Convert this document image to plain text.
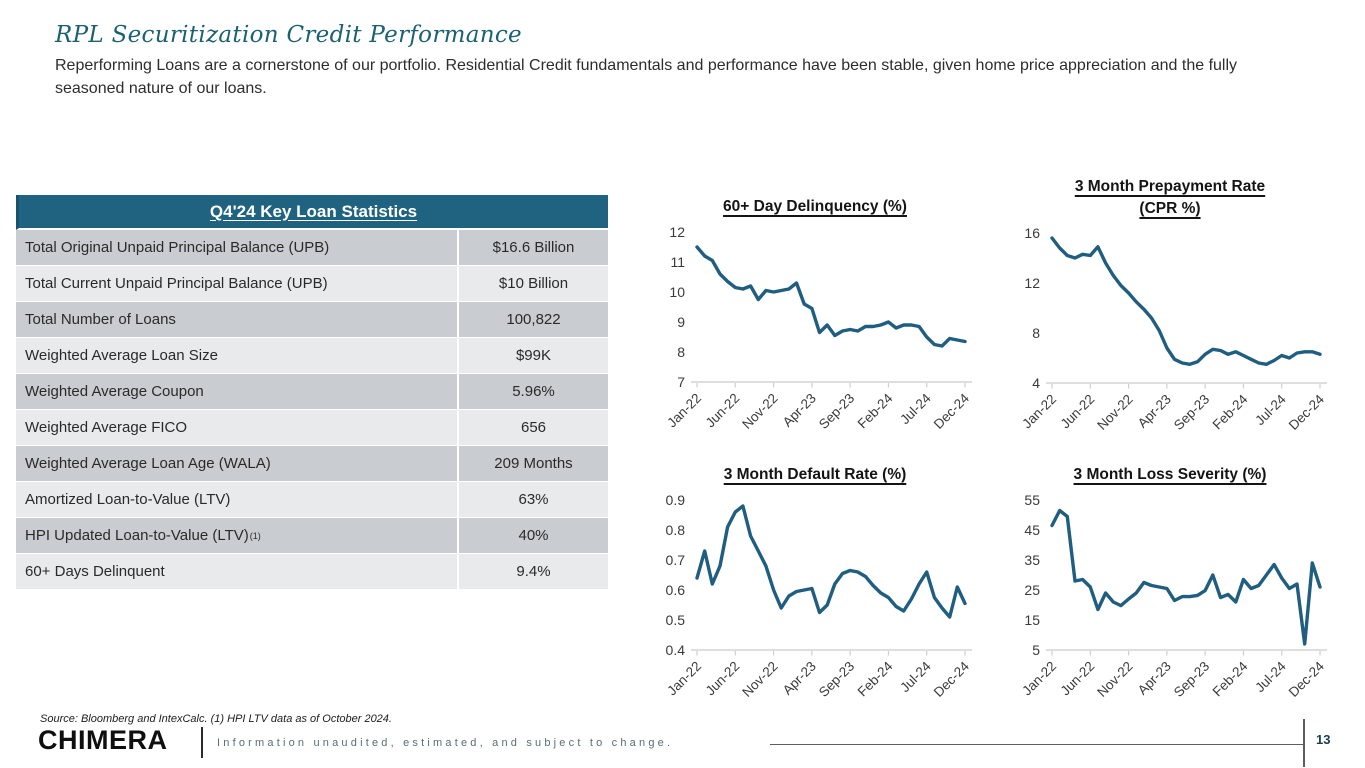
RPL Securitization Credit Performance
Reperforming Loans are a cornerstone of our portfolio. Residential Credit fundamentals and performance have been stable, given home price appreciation and the fully seasoned nature of our loans.
Q4'24 Key Loan Statistics
Total Original Unpaid Principal Balance (UPB)	$16.6 Billion
Total Current Unpaid Principal Balance (UPB)	$10 Billion
Total Number of Loans	100,822
Weighted Average Loan Size	$99K
Weighted Average Coupon	5.96%
Weighted Average FICO	656
Weighted Average Loan Age (WALA)	209 Months
Amortized Loan-to-Value (LTV)	63%
HPI Updated Loan-to-Value (LTV) (1)	40%
60+ Days Delinquent	9.4%
60+ Day Delinquency (%)
Jan-22
Jun-22
Nov-22 Apr-23
Sep-23
Feb-24 Jul-24
Dec-24
7
8
9
10
11
12
3 Month Prepayment Rate
(CPR %)
Jan-22
Jun-22
Nov-22 Apr-23
Sep-23
Feb-24 Jul-24
Dec-24
4
8
12
16
3 Month Default Rate (%)
Jan-22
Jun-22
Nov-22 Apr-23
Sep-23
Feb-24 Jul-24
Dec-24
0.4
0.5
0.6
0.7
0.8
0.9
3 Month Loss Severity (%)
Jan-22
Jun-22
Nov-22 Apr-23
Sep-23
Feb-24 Jul-24
Dec-24
5
15
25
35
45
55
Source: Bloomberg and IntexCalc. (1) HPI LTV data as of October 2024.
CHIMERA	Information unaudited, estimated, and subject to change.	13
